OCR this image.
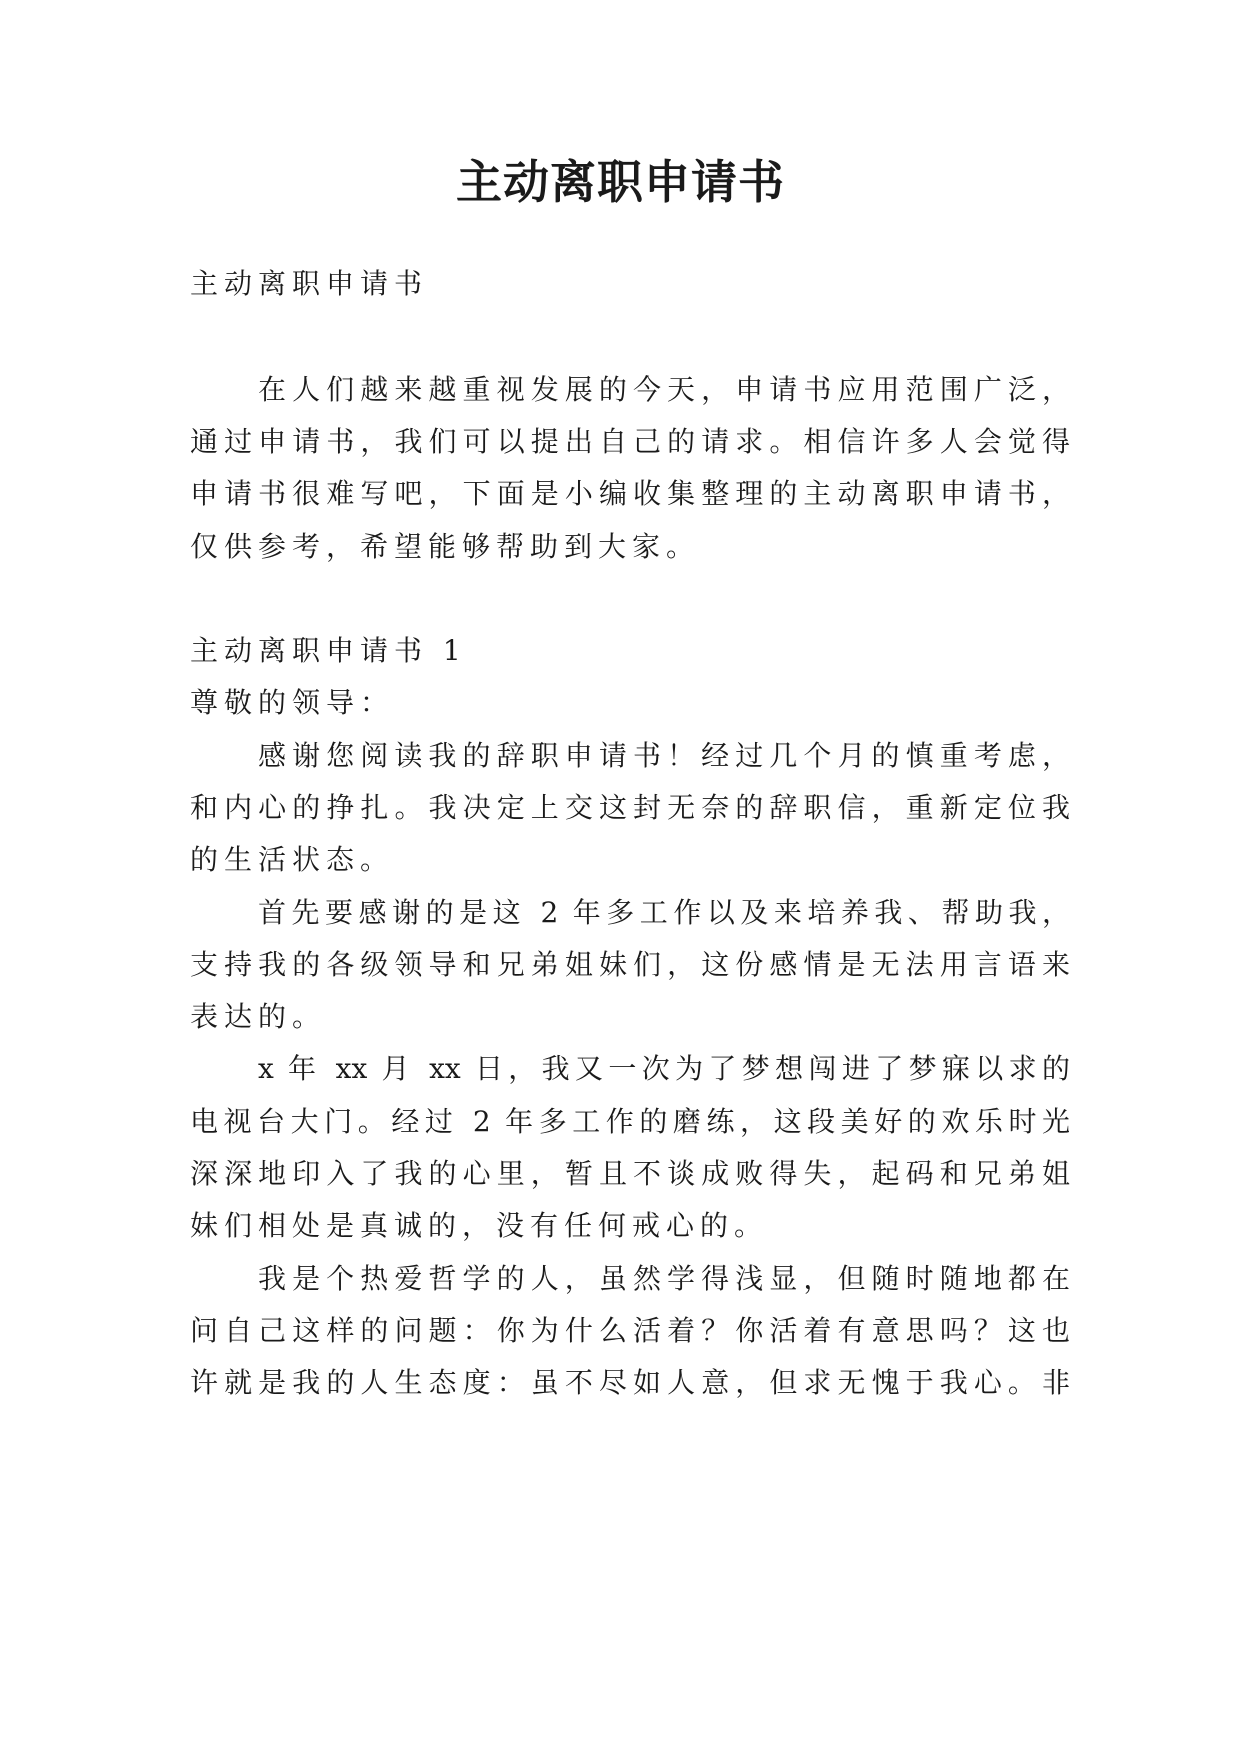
主动离职申请书

主动离职申请书

在人们越来越重视发展的今天，申请书应用范围广泛，

通过申请书，我们可以提出自己的请求。相信许多人会觉得

申请书很难写吧，下面是小编收集整理的主动离职申请书，

仅供参考，希望能够帮助到大家。

主动离职申请书 1

尊敬的领导：

感谢您阅读我的辞职申请书！经过几个月的慎重考虑，

和内心的挣扎。我决定上交这封无奈的辞职信，重新定位我

的生活状态。

首先要感谢的是这 2 年多工作以及来培养我、帮助我，

支持我的各级领导和兄弟姐妹们，这份感情是无法用言语来

表达的。

x 年 xx 月 xx 日，我又一次为了梦想闯进了梦寐以求的

电视台大门。经过 2 年多工作的磨练，这段美好的欢乐时光

深深地印入了我的心里，暂且不谈成败得失，起码和兄弟姐

妹们相处是真诚的，没有任何戒心的。

我是个热爱哲学的人，虽然学得浅显，但随时随地都在

问自己这样的问题：你为什么活着？你活着有意思吗？这也

许就是我的人生态度：虽不尽如人意，但求无愧于我心。非
